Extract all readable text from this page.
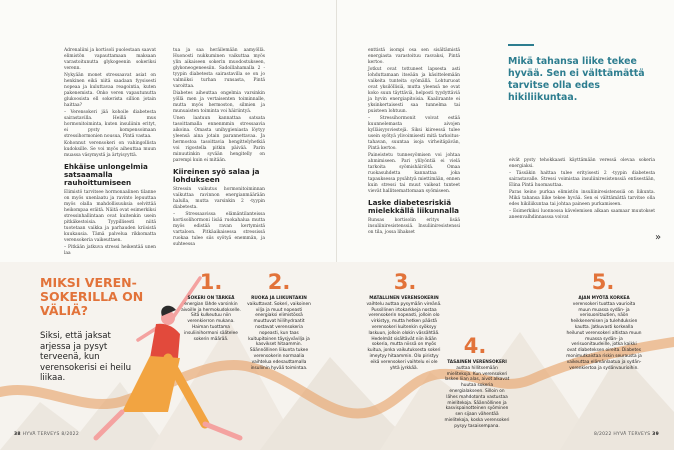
Adrenaliini ja kortisoli puolestaan saavat elimistön vapauttamaan maksaan varastoitunutta glykogeenin sokeriksi verenn.

Nykyään monet stressaavat asiat on henkinen eikä niitä saadaan fyysisesti nopeaa ja kuluttavaa reagointia, kuten pakenemista. Onko veren vapautunutta glukoosista ell sokerista sillion jotain haittaa?

– Verensokeri jää kohoile diabetesta sairastavilla. Heillä mus hormonitoiminta, kuten insuliinin erityt, ei pysty kompensoimaan stressihormonien nousua, Pintä vastaa.

Kohonnut verensokeri on vahingollista kudoksille. Se voi myös aiheuttaa muun muassa väsymystä ja ärtyisyyttä.

Ehkäise unlongelmia satsaamalla rauhoittumiseen

Elimistö tarvitsee hormonaalinen tilanne on myös unenlaatu ja ravinto lepuuttaa myös olalla mahdollisuuksia selvittää heikompaa eräitä. Näitä ovat esimerkiksi stressinhallintaan ovat kuitenkin usein pitkäkestoisia. Tyypillisesti niitä tuotetaan vaikka ja parhauden kriisistä kuukausia. Tämä palvelua rikkomatta verensokeria vaikeuttaen.

– Pitkään jatkuva stressi heikentää unen laa

tua ja saa heräilemään aamyöllä. Huonosti nukkuminen vaikuttaa myös ylin aikaiseen sokerin muodostukseen, glykoneogeneesiin. Sadoillahamalla 2 -tyypin diabetesta sairastavilla se on jo valmiiksi turhan runsasta, Pintä varoittaa.

Diabetes aiheuttaa ongelmia varsinkin yöllä men ja vertaisenten toiminnalle, mutta myös hermoston, silmien ja munuaisten toiminta voi häiriintyä.

Unen laatuun kannattaa satsata tasoittamalla ennenmmin stressaavia aikoina. Omasta unihygieniasta löytyy yleensä aina jotain parannettavaa. Ja hermostoa tasoittavia hengittelyhetkiä voi rigostella pitkin päivää. Parin minuutinkin syvään hengitelly on parempi kuin ei mitään.

Kiireinen syö salaa ja lohdukseen

Stressin vaikutus hormonitoiminnan vaikuttaa ravinnon energianmäärään halulla, mutta varsinkin 2 -tyypin diabetesta.

– Stressaavissa elämäntilanteissa kortisolihormoni lisää ruokahalua mutta myös edistää ravan kertymistä vartaloon. Pitkäaikaisessa stressissä ruokaa tulee siis syötyä enemmän, ja suhteessa

enttistä isompi osa sen sisältämistä energiasta varastoituu rasvaksi, Pintä kertoo.

Jotkut ovat tottuneet lapsesta asti lohduttamaan itseään ja käsittelemään vaikeita tunteita syömällä. Lohturuoat ovat yksilöllisiä, mutta yleensä ne ovat koko suun täyttäviä, helposti tyydyttäviä ja hyvin energiapitoisia. Kaaliraante ei yksinkertaisesti saa tunnelma tai puisteen lohtuun.

– Stressihormonit voivat estää kuunnelemasta aivojen kylläisyysviestejä. Siksi kiireessä tulee usein syötyä ylivoimisesti mitä tarkoitustahavan, suuntaa isoja virheitäpävän, Pintä kertoo.

Paineistetu tunnesyömisen voi johtaa ahmimiseen. Pari ylilyöntiä ei vielä tarkoita syömishäiriötä. Omaa ruokasuhdetta kannattaa joka tapauksessa pysähtyä miettimään, ennen kuin stressi tai muut vaikeat tunteet vievät hallitsemattomaan syömiseen.

Laske diabetesriskiä mielekkällä liikunnalla

Runsas kortisolin eritys lisää insuliiniresistenssiä. Insuliiniresistenssi on tila, jossa lihakset

Mikä tahansa liike tekee hyvää. Sen ei välttämättä tarvitse olla edes hikiliikuntaa.

eivät pysty tehokkaasti käyttämään veressä olevaa sokeria energiaksi.

– Tässäkin haittaa tulee erityisesti 2 -tyypin diabetesta sairastavalle. Stressi voimistaa insuliiniresistenssiä entisestään, Elina Pintä huomauttaa.

Paras keino purkaa elimistön insuliiniresistenssiä on liikunta. Mikä tahansa liike tekee hyvää. Sen ei välttämättä tarvitse olla edes hikiliikuntaa tai johtaa paineen purkamiseen.

– Esimerkiksi luonnossa kävelemisen alkaan saamaar muutokset aneenvalhdinnasssa voivat

»
MIKSI VERENSOKERILLA ON VÄLIÄ?
Siksi, että jaksat arjessa ja pysyt terveenä, kun verensokerisi ei heilu liikaa.
1.
SOKERI ON TÄRKEÄ energian lähde varsinkin aivoille ja hermokudokselle. Sitä kulkeutuu niin verenkierron mukana. Haiman tuottama insuliinihormoni säätelee sokerin määrää.
2.
RUOKA JA LIIKUNTAKIN vaikuttavat. Sokeri, vaikoinen vilja ja muut nopeasti energiaksi elimistössä muuttuvat hiilihydraatit nostavat verensokeria nopeasti, kun taas kuitupitoinen täysjyvävilja ja kasvikset hitaammin. Säännöllinen liikunta tukee verensokerin normaalia vaihtelua edesauttamalla insuliinin hyvää toimintaa.
3.
MATALLINEN VERENSOKERIN vaihtelu auttaa pysymään vireänä. Pussillinen irtokarkkeja nostaa verensokerin nopeasti, jolloin olo virkistyy, mutta hetken päästä verensokeri kuitenkin syöksyy laskuun, jolloin olokin vässähtää. Hedelmät sisältävät niin ikään sokeria, mutta niissä on myös kuitua, jonka vaikutuksesta sokeri imeytyy hitaammin. Olo piristyy eikä verensokeri vaihtelu ei ole yhtä jyrkkää.
4.
TASAINEN VERENSOKERI auttaa hillitsemään mielitekoja. Kun verensokeri laskee liian alas, aivot alkavat huutaa sokeria energialakseen. Silloin on lähes mahdotonta vastustaa mielitekoja. Säännöllinen ja kasvispainotteinen syöminen sen sijaan vähentää mielitekoja, koska verensokeri pysyy tasaisempana.
5.
AJAN MYÖTÄ KORKEA verensokeri tuottaa vaurioita muun muassa sydän- ja verisuonitautien, näön heikkenemisen ja tulehduksien kautta. Jatkuvasti korkealla heilunut verensokeri altistaa muun muassa sydän- ja verisuonitaudeille, jotka kaikki ovat diabeteksen oireita. Diabetes monimutkaistaa riskin seurausta ja vaikeuttaa elämänlaatua ja sydänverenkiertoa ja sydänvaurioihin.
38 HYVÄ TERVEYS 8/2022	8/2022 HYVÄ TERVEYS 39
